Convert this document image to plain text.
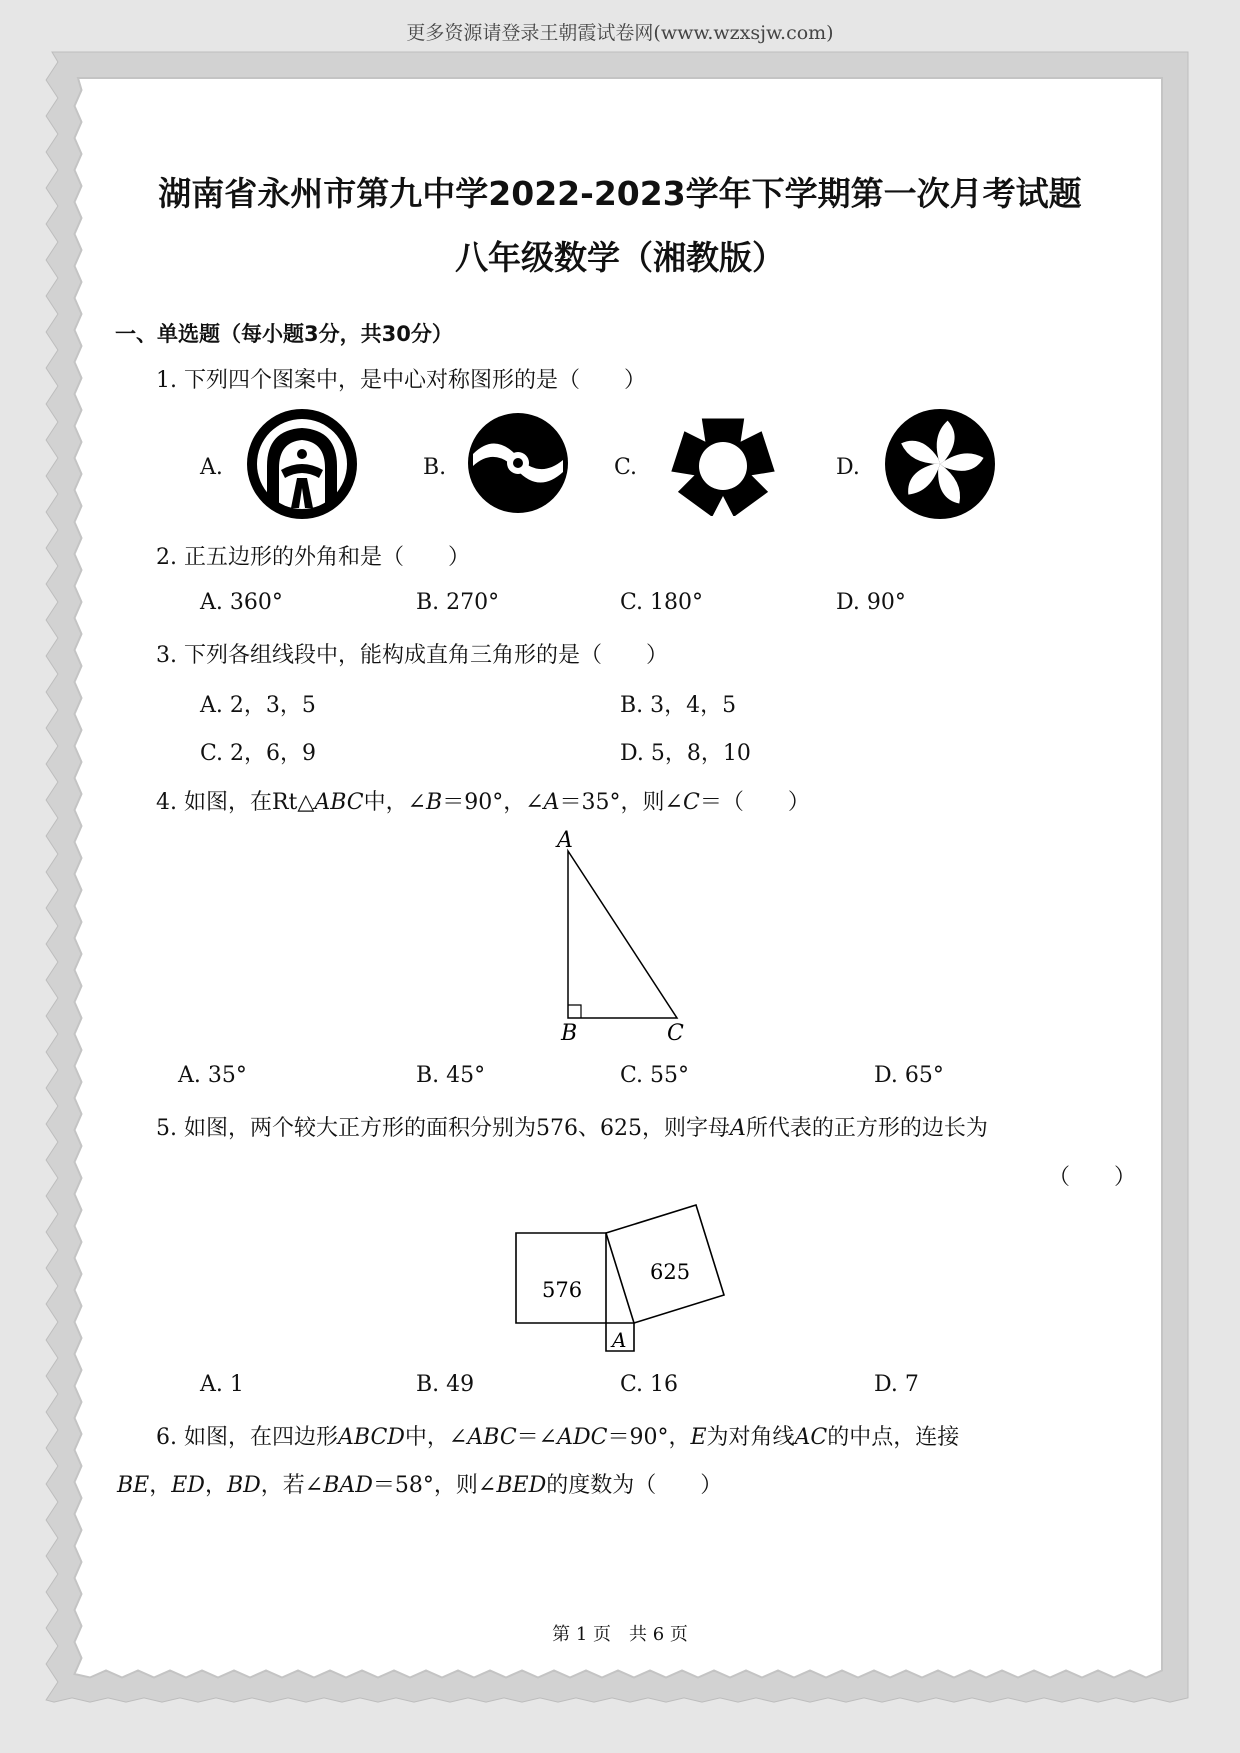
更多资源请登录王朝霞试卷网(www.wzxsjw.com)
湖南省永州市第九中学2022-2023学年下学期第一次月考试题
八年级数学（湘教版）
一、单选题（每小题3分，共30分）
1. 下列四个图案中，是中心对称图形的是（　　）
A.	B.	C.	D.
2. 正五边形的外角和是（　　）
A. 360°	B. 270°	C. 180°	D. 90°
3. 下列各组线段中，能构成直角三角形的是（　　）
A. 2，3，5	B. 3，4，5
C. 2，6，9	D. 5，8，10
4. 如图，在Rt△ABC中，∠B＝90°，∠A＝35°，则∠C＝（　　）
A
B	C
A. 35°	B. 45°	C. 55°	D. 65°
5. 如图，两个较大正方形的面积分别为576、625，则字母A所代表的正方形的边长为
（　　）
576
625
A
A. 1	B. 49	C. 16	D. 7
6. 如图，在四边形ABCD中，∠ABC＝∠ADC＝90°，E为对角线AC的中点，连接
BE，ED，BD，若∠BAD＝58°，则∠BED的度数为（　　）
第 1 页　共 6 页
